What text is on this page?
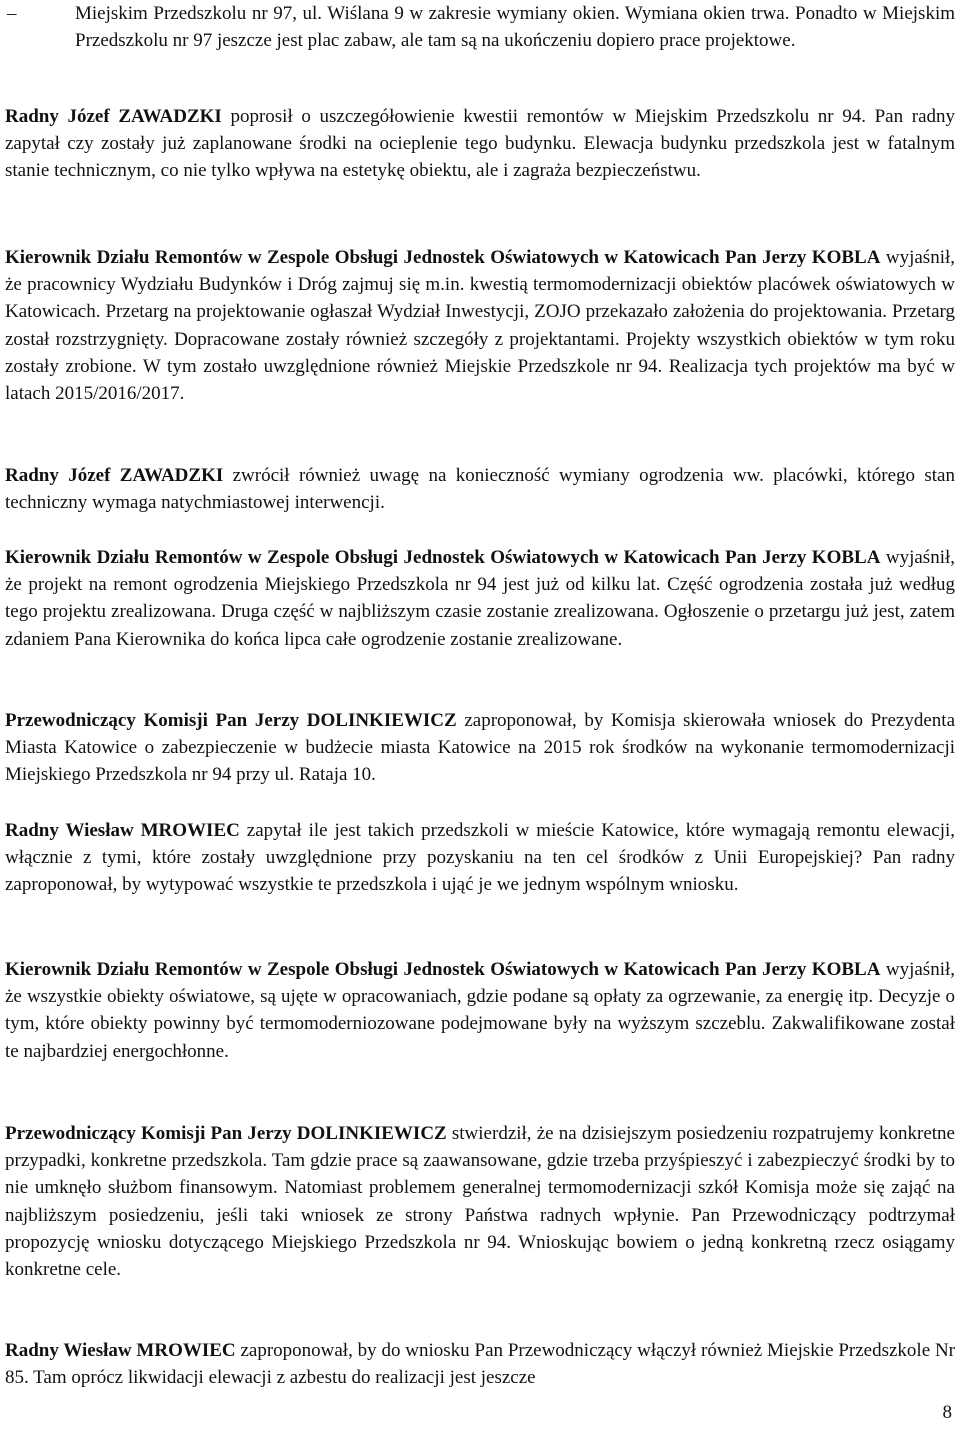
–	Miejskim Przedszkolu nr 97, ul. Wiślana 9 w zakresie wymiany okien. Wymiana okien trwa. Ponadto w Miejskim Przedszkolu nr 97 jeszcze jest plac zabaw, ale tam są na ukończeniu dopiero prace projektowe.

Radny Józef ZAWADZKI poprosił o uszczegółowienie kwestii remontów w Miejskim Przedszkolu nr 94. Pan radny zapytał czy zostały już zaplanowane środki na ocieplenie tego budynku. Elewacja budynku przedszkola jest w fatalnym stanie technicznym, co nie tylko wpływa na estetykę obiektu, ale i zagraża bezpieczeństwu.

Kierownik Działu Remontów w Zespole Obsługi Jednostek Oświatowych w Katowicach Pan Jerzy KOBLA wyjaśnił, że pracownicy Wydziału Budynków i Dróg zajmuj się m.in. kwestią termomodernizacji obiektów placówek oświatowych w Katowicach. Przetarg na projektowanie ogłaszał Wydział Inwestycji, ZOJO przekazało założenia do projektowania. Przetarg został rozstrzygnięty. Dopracowane zostały również szczegóły z projektantami. Projekty wszystkich obiektów w tym roku zostały zrobione. W tym zostało uwzględnione również Miejskie Przedszkole nr 94. Realizacja tych projektów ma być w latach 2015/2016/2017.

Radny Józef ZAWADZKI zwrócił również uwagę na konieczność wymiany ogrodzenia ww. placówki, którego stan techniczny wymaga natychmiastowej interwencji.

Kierownik Działu Remontów w Zespole Obsługi Jednostek Oświatowych w Katowicach Pan Jerzy KOBLA wyjaśnił, że projekt na remont ogrodzenia Miejskiego Przedszkola nr 94 jest już od kilku lat. Część ogrodzenia została już według tego projektu zrealizowana. Druga część w najbliższym czasie zostanie zrealizowana. Ogłoszenie o przetargu już jest, zatem zdaniem Pana Kierownika do końca lipca całe ogrodzenie zostanie zrealizowane.

Przewodniczący Komisji Pan Jerzy DOLINKIEWICZ zaproponował, by Komisja skierowała wniosek do Prezydenta Miasta Katowice o zabezpieczenie w budżecie miasta Katowice na 2015 rok środków na wykonanie termomodernizacji Miejskiego Przedszkola nr 94 przy ul. Rataja 10.

Radny Wiesław MROWIEC zapytał ile jest takich przedszkoli w mieście Katowice, które wymagają remontu elewacji, włącznie z tymi, które zostały uwzględnione przy pozyskaniu na ten cel środków z Unii Europejskiej? Pan radny zaproponował, by wytypować wszystkie te przedszkola i ująć je we jednym wspólnym wniosku.

Kierownik Działu Remontów w Zespole Obsługi Jednostek Oświatowych w Katowicach Pan Jerzy KOBLA wyjaśnił, że wszystkie obiekty oświatowe, są ujęte w opracowaniach, gdzie podane są opłaty za ogrzewanie, za energię itp. Decyzje o tym, które obiekty powinny być termomoderniozowane podejmowane były na wyższym szczeblu. Zakwalifikowane został te najbardziej energochłonne.

Przewodniczący Komisji Pan Jerzy DOLINKIEWICZ stwierdził, że na dzisiejszym posiedzeniu rozpatrujemy konkretne przypadki, konkretne przedszkola. Tam gdzie prace są zaawansowane, gdzie trzeba przyśpieszyć i zabezpieczyć środki by to nie umknęło służbom finansowym. Natomiast problemem generalnej termomodernizacji szkół Komisja może się zająć na najbliższym posiedzeniu, jeśli taki wniosek ze strony Państwa radnych wpłynie. Pan Przewodniczący podtrzymał propozycję wniosku dotyczącego Miejskiego Przedszkola nr 94. Wnioskując bowiem o jedną konkretną rzecz osiągamy konkretne cele.

Radny Wiesław MROWIEC zaproponował, by do wniosku Pan Przewodniczący włączył również Miejskie Przedszkole Nr 85. Tam oprócz likwidacji elewacji z azbestu do realizacji jest jeszcze

8
